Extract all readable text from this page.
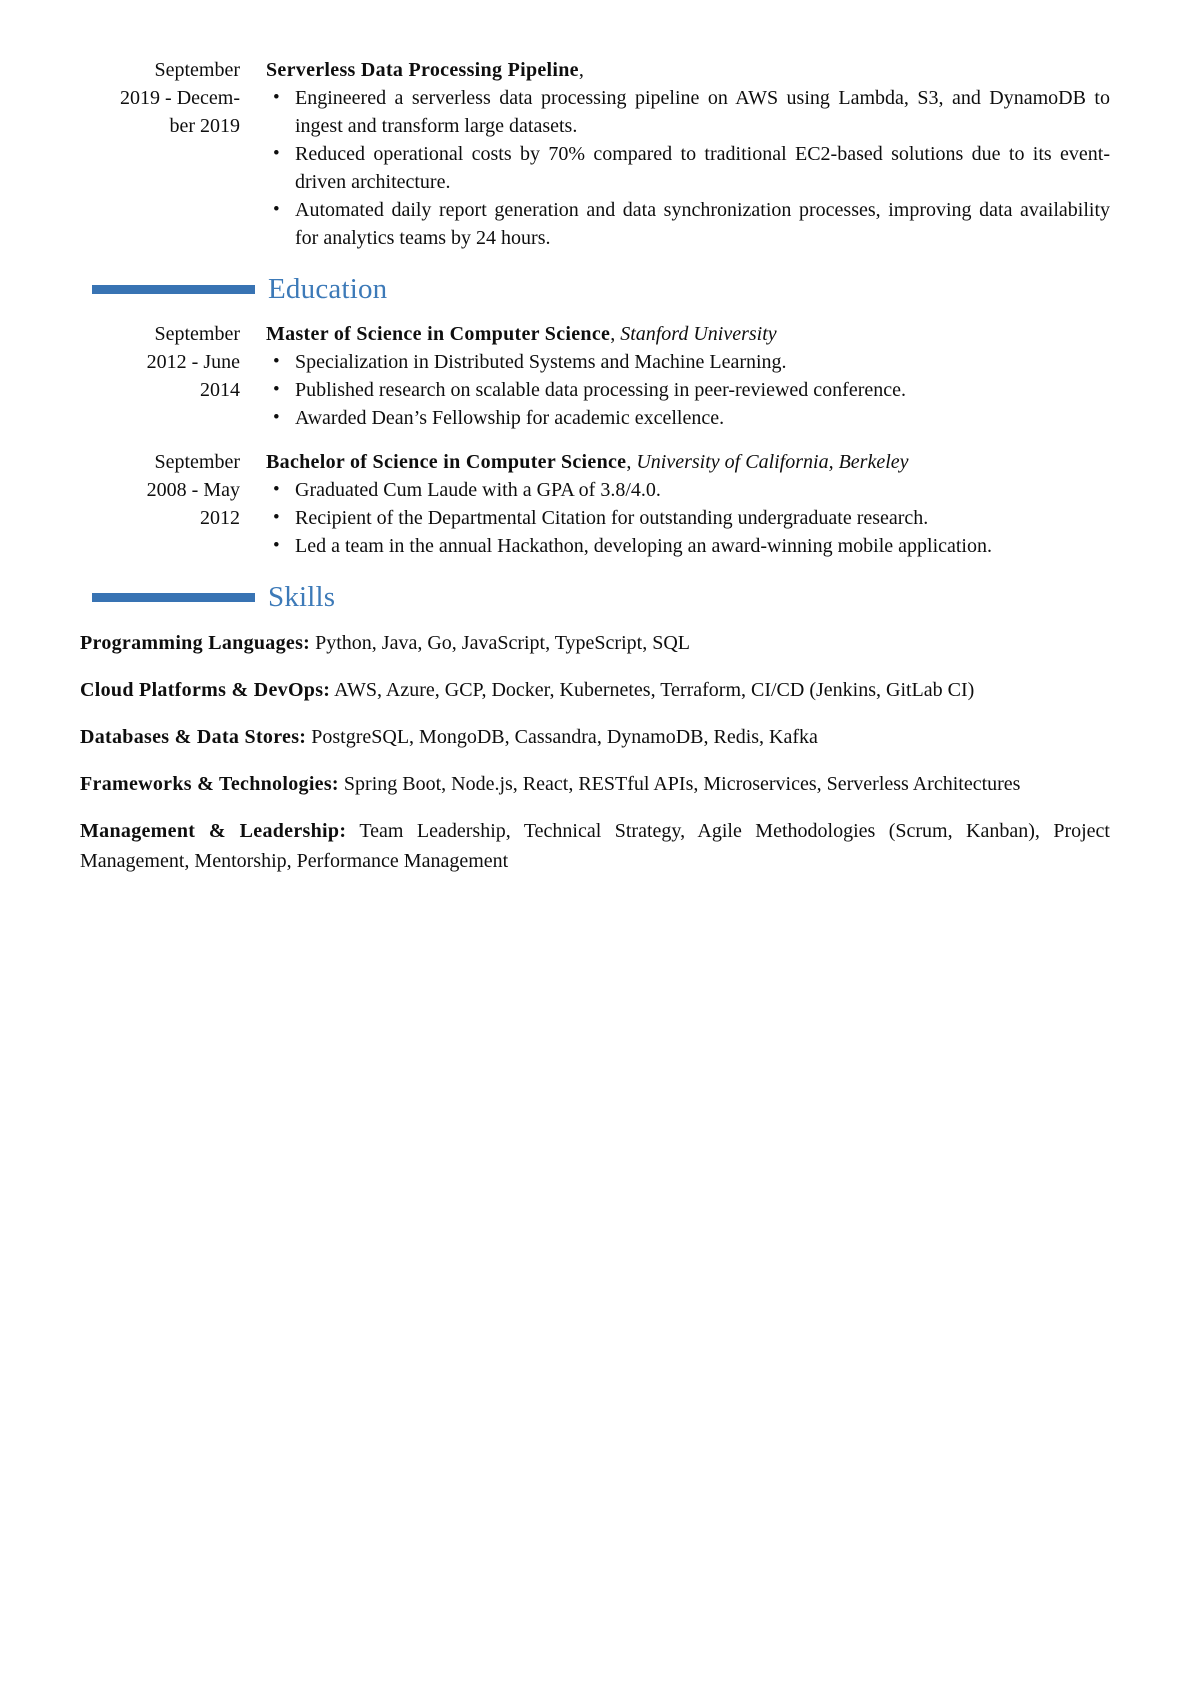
September
2019 - Decem-
ber 2019
Serverless Data Processing Pipeline,
• Engineered a serverless data processing pipeline on AWS using Lambda, S3, and DynamoDB to ingest and transform large datasets.
• Reduced operational costs by 70% compared to traditional EC2-based solutions due to its event-driven architecture.
• Automated daily report generation and data synchronization processes, improving data availability for analytics teams by 24 hours.
Education
September
2012 - June
2014
Master of Science in Computer Science, Stanford University
• Specialization in Distributed Systems and Machine Learning.
• Published research on scalable data processing in peer-reviewed conference.
• Awarded Dean’s Fellowship for academic excellence.
September
2008 - May
2012
Bachelor of Science in Computer Science, University of California, Berkeley
• Graduated Cum Laude with a GPA of 3.8/4.0.
• Recipient of the Departmental Citation for outstanding undergraduate research.
• Led a team in the annual Hackathon, developing an award-winning mobile application.
Skills

Programming Languages: Python, Java, Go, JavaScript, TypeScript, SQL

Cloud Platforms & DevOps: AWS, Azure, GCP, Docker, Kubernetes, Terraform, CI/CD (Jenkins, GitLab CI)

Databases & Data Stores: PostgreSQL, MongoDB, Cassandra, DynamoDB, Redis, Kafka

Frameworks & Technologies: Spring Boot, Node.js, React, RESTful APIs, Microservices, Serverless Architectures

Management & Leadership: Team Leadership, Technical Strategy, Agile Methodologies (Scrum, Kanban), Project Management, Mentorship, Performance Management
